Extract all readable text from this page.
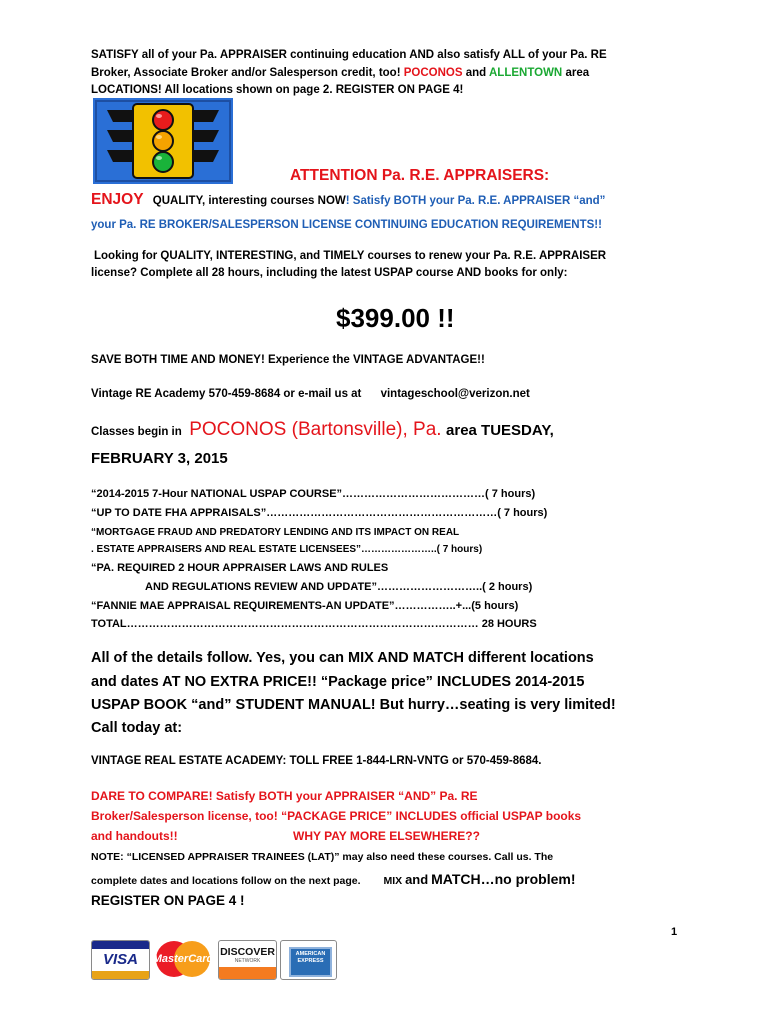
SATISFY all of your Pa. APPRAISER continuing education AND also satisfy ALL of your Pa. RE
Broker, Associate Broker and/or Salesperson credit, too! POCONOS and ALLENTOWN area
LOCATIONS! All locations shown on page 2. REGISTER ON PAGE 4!
ATTENTION Pa. R.E. APPRAISERS:
ENJOY QUALITY, interesting courses NOW! Satisfy BOTH your Pa. R.E. APPRAISER “and”
your Pa. RE BROKER/SALESPERSON LICENSE CONTINUING EDUCATION REQUIREMENTS!!
Looking for QUALITY, INTERESTING, and TIMELY courses to renew your Pa. R.E. APPRAISER
license? Complete all 28 hours, including the latest USPAP course AND books for only:
$399.00 !!
SAVE BOTH TIME AND MONEY! Experience the VINTAGE ADVANTAGE!!
Vintage RE Academy 570-459-8684 or e-mail us at vintageschool@verizon.net
Classes begin in POCONOS (Bartonsville), Pa. area TUESDAY,
FEBRUARY 3, 2015
“2014-2015 7-Hour NATIONAL USPAP COURSE”…………………………………( 7 hours)
“UP TO DATE FHA APPRAISALS”………………………………………………………( 7 hours)
“MORTGAGE FRAUD AND PREDATORY LENDING AND ITS IMPACT ON REAL
. ESTATE APPRAISERS AND REAL ESTATE LICENSEES”…………………..( 7 hours)
“PA. REQUIRED 2 HOUR APPRAISER LAWS AND RULES
AND REGULATIONS REVIEW AND UPDATE”………………………..( 2 hours)
“FANNIE MAE APPRAISAL REQUIREMENTS-AN UPDATE”……………..+...(5 hours)
TOTAL…………………………………………………………………………………… 28 HOURS
All of the details follow. Yes, you can MIX AND MATCH different locations
and dates AT NO EXTRA PRICE!! “Package price” INCLUDES 2014-2015
USPAP BOOK “and” STUDENT MANUAL! But hurry…seating is very limited!
Call today at:
VINTAGE REAL ESTATE ACADEMY: TOLL FREE 1-844-LRN-VNTG or 570-459-8684.
DARE TO COMPARE! Satisfy BOTH your APPRAISER “AND” Pa. RE
Broker/Salesperson license, too! “PACKAGE PRICE” INCLUDES official USPAP books
and handouts!!	WHY PAY MORE ELSEWHERE??
NOTE: “LICENSED APPRAISER TRAINEES (LAT)” may also need these courses. Call us. The
complete dates and locations follow on the next page. MIX and MATCH…no problem!
REGISTER ON PAGE 4 !
1
VISA	MasterCard
DISCOVER
NETWORK
AMERICAN EXPRESS
